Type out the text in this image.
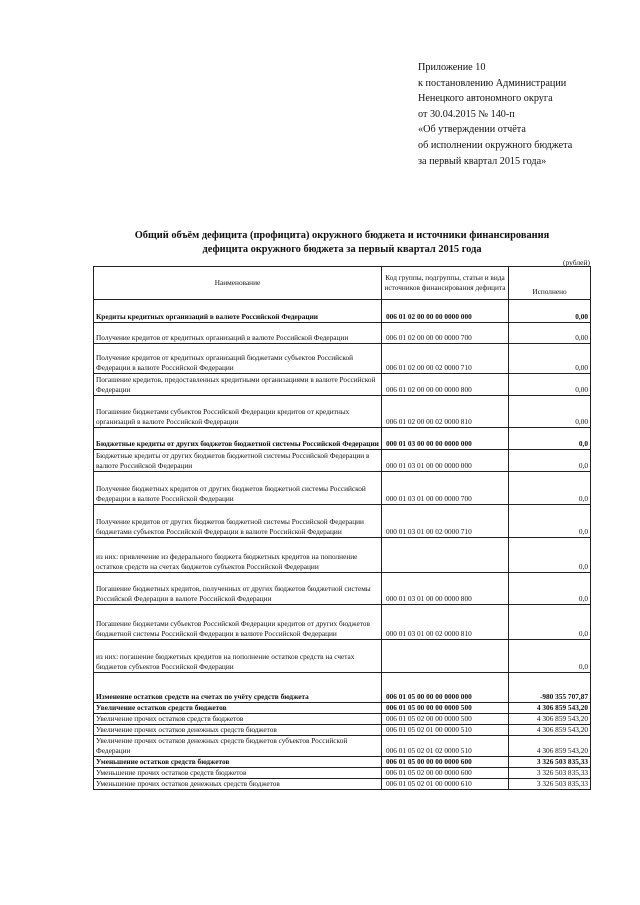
Приложение 10
к постановлению Администрации
Ненецкого автономного округа
от 30.04.2015 № 140-п
«Об утверждении отчёта
об исполнении окружного бюджета
за первый квартал 2015 года»
Общий объём дефицита (профицита) окружного бюджета и источники финансирования
дефицита окружного бюджета за первый квартал 2015 года
(рублей)
Наименование	Код группы, подгруппы, статьи и вида источников финансирования дефицита	Исполнено
Кредиты кредитных организаций в валюте Российской Федерации	006 01 02 00 00 00 0000 000	0,00
Получение кредитов от кредитных организаций в валюте Российской Федерации	006 01 02 00 00 00 0000 700	0,00
Получение кредитов от кредитных организаций бюджетами субъектов Российской Федерации в валюте Российской Федерации	006 01 02 00 00 02 0000 710	0,00
Погашение кредитов, предоставленных кредитными организациями в валюте Российской Федерации	006 01 02 00 00 00 0000 800	0,00
Погашение бюджетами субъектов Российской Федерации кредитов от кредитных организаций в валюте Российской Федерации	006 01 02 00 00 02 0000 810	0,00
Бюджетные кредиты от других бюджетов бюджетной системы Российской Федерации	000 01 03 00 00 00 0000 000	0,0
Бюджетные кредиты от других бюджетов бюджетной системы Российской Федерации в валюте Российской Федерации	000 01 03 01 00 00 0000 000	0,0
Получение бюджетных кредитов от других бюджетов бюджетной системы Российской Федерации в валюте Российской Федерации	000 01 03 01 00 00 0000 700	0,0
Получение кредитов от других бюджетов бюджетной системы Российской Федерации бюджетами субъектов Российской Федерации в валюте Российской Федерации	000 01 03 01 00 02 0000 710	0,0
из них: привлечение из федерального бюджета бюджетных кредитов на пополнение остатков средств на счетах бюджетов субъектов Российской Федерации		0,0
Погашение бюджетных кредитов, полученных от других бюджетов бюджетной системы Российской Федерации в валюте Российской Федерации	000 01 03 01 00 00 0000 800	0,0
Погашение бюджетами субъектов Российской Федерации кредитов от других бюджетов бюджетной системы Российской Федерации в валюте Российской Федерации	000 01 03 01 00 02 0000 810	0,0
из них: погашение бюджетных кредитов на пополнение остатков средств на счетах бюджетов субъектов Российской Федерации		0,0
Изменение остатков средств на счетах по учёту средств бюджета	006 01 05 00 00 00 0000 000	-980 355 707,87
Увеличение остатков средств бюджетов	006 01 05 00 00 00 0000 500	4 306 859 543,20
Увеличение прочих остатков средств бюджетов	006 01 05 02 00 00 0000 500	4 306 859 543,20
Увеличение прочих остатков денежных средств бюджетов	006 01 05 02 01 00 0000 510	4 306 859 543,20
Увеличение прочих остатков денежных средств бюджетов субъектов Российской Федерации	006 01 05 02 01 02 0000 510	4 306 859 543,20
Уменьшение остатков средств бюджетов	006 01 05 00 00 00 0000 600	3 326 503 835,33
Уменьшение прочих остатков средств бюджетов	006 01 05 02 00 00 0000 600	3 326 503 835,33
Уменьшение прочих остатков денежных средств бюджетов	006 01 05 02 01 00 0000 610	3 326 503 835,33
